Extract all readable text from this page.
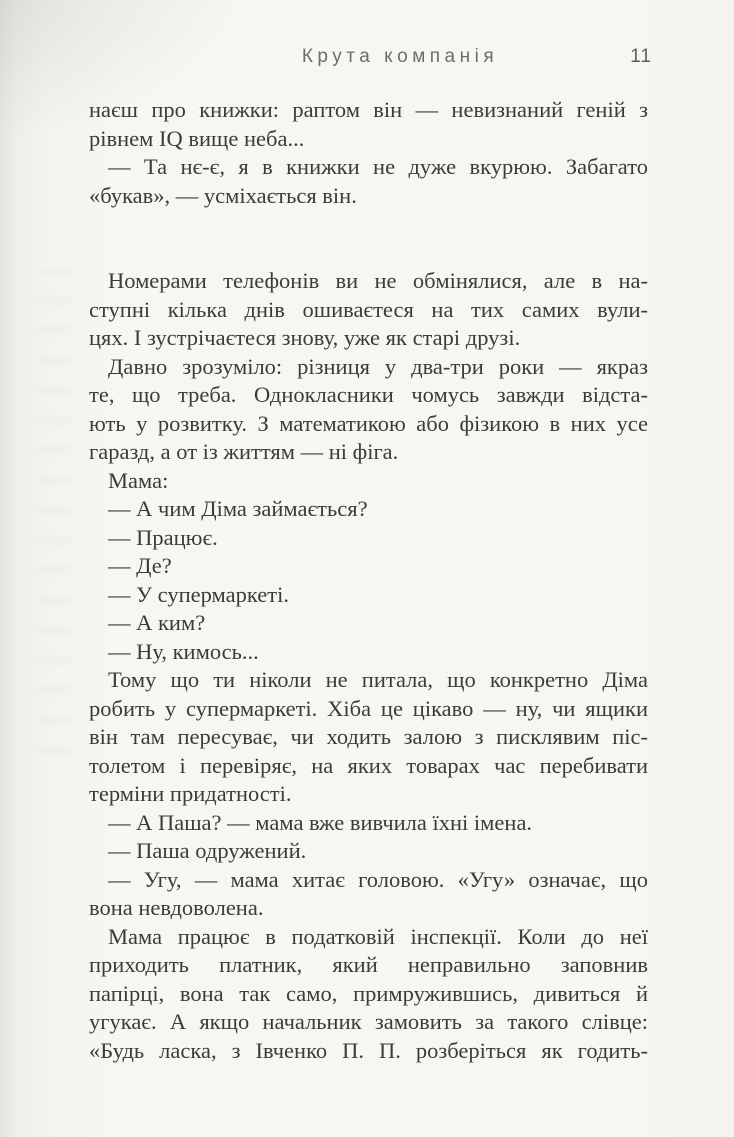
Крута компанія	11
наєш про книжки: раптом він — невизнаний геній з
рівнем IQ вище неба...
— Та нє-є, я в книжки не дуже вкурюю. Забагато
«букав», — усміхається він.
Номерами телефонів ви не обмінялися, але в на-
ступні кілька днів ошиваєтеся на тих самих вули-
цях. І зустрічаєтеся знову, уже як старі друзі.
Давно зрозуміло: різниця у два-три роки — якраз
те, що треба. Однокласники чомусь завжди відста-
ють у розвитку. З математикою або фізикою в них усе
гаразд, а от із життям — ні фіга.
Мама:
— А чим Діма займається?
— Працює.
— Де?
— У супермаркеті.
— А ким?
— Ну, кимось...
Тому що ти ніколи не питала, що конкретно Діма
робить у супермаркеті. Хіба це цікаво — ну, чи ящики
він там пересуває, чи ходить залою з писклявим піс-
толетом і перевіряє, на яких товарах час перебивати
терміни придатності.
— А Паша? — мама вже вивчила їхні імена.
— Паша одружений.
— Угу, — мама хитає головою. «Угу» означає, що
вона невдоволена.
Мама працює в податковій інспекції. Коли до неї
приходить платник, який неправильно заповнив
папірці, вона так само, примружившись, дивиться й
угукає. А якщо начальник замовить за такого слівце:
«Будь ласка, з Івченко П. П. розберіться як годить-
